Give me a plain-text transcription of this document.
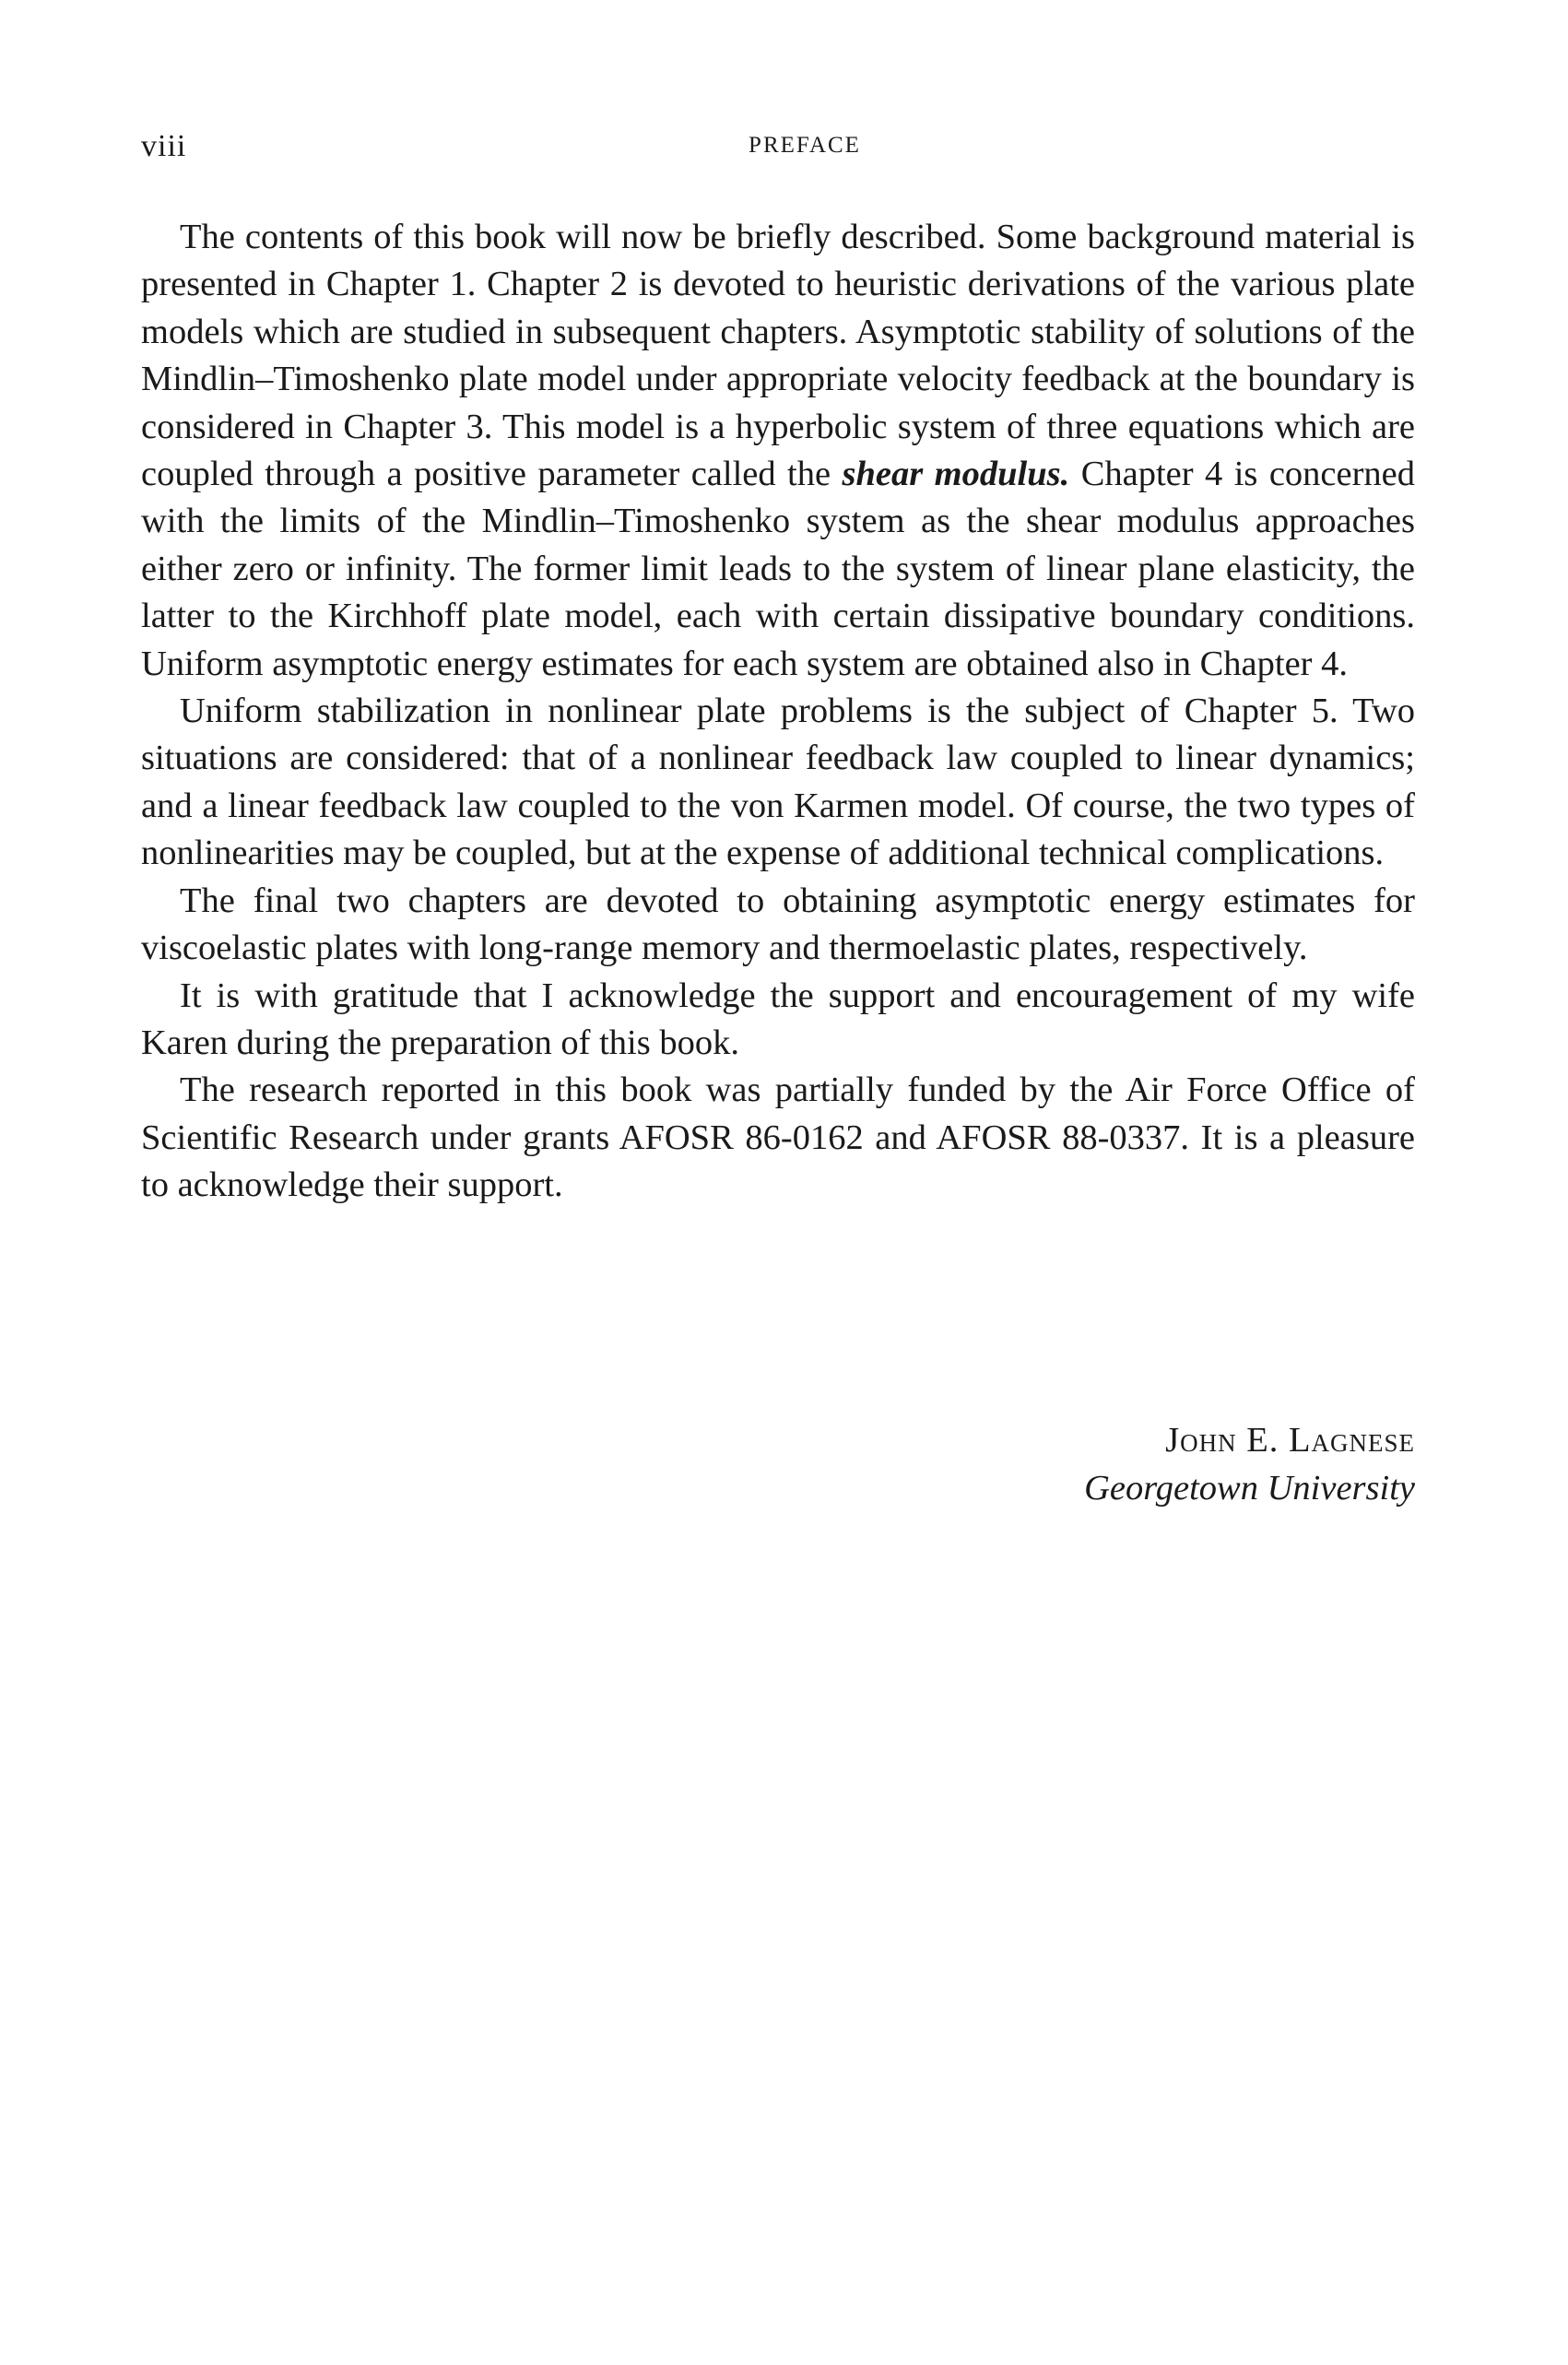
viii	PREFACE

The contents of this book will now be briefly described. Some background material is presented in Chapter 1. Chapter 2 is devoted to heuristic derivations of the various plate models which are studied in subsequent chapters. Asymptotic stability of solutions of the Mindlin–Timoshenko plate model under appropriate velocity feedback at the boundary is considered in Chapter 3. This model is a hyperbolic system of three equations which are coupled through a positive parameter called the shear modulus. Chapter 4 is concerned with the limits of the Mindlin–Timoshenko system as the shear modulus approaches either zero or infinity. The former limit leads to the system of linear plane elasticity, the latter to the Kirchhoff plate model, each with certain dissipative boundary conditions. Uniform asymptotic energy estimates for each system are obtained also in Chapter 4.

Uniform stabilization in nonlinear plate problems is the subject of Chapter 5. Two situations are considered: that of a nonlinear feedback law coupled to linear dynamics; and a linear feedback law coupled to the von Karmen model. Of course, the two types of nonlinearities may be coupled, but at the expense of additional technical complications.

The final two chapters are devoted to obtaining asymptotic energy estimates for viscoelastic plates with long-range memory and thermoelastic plates, respectively.

It is with gratitude that I acknowledge the support and encouragement of my wife Karen during the preparation of this book.

The research reported in this book was partially funded by the Air Force Office of Scientific Research under grants AFOSR 86-0162 and AFOSR 88-0337. It is a pleasure to acknowledge their support.

John E. Lagnese
Georgetown University
